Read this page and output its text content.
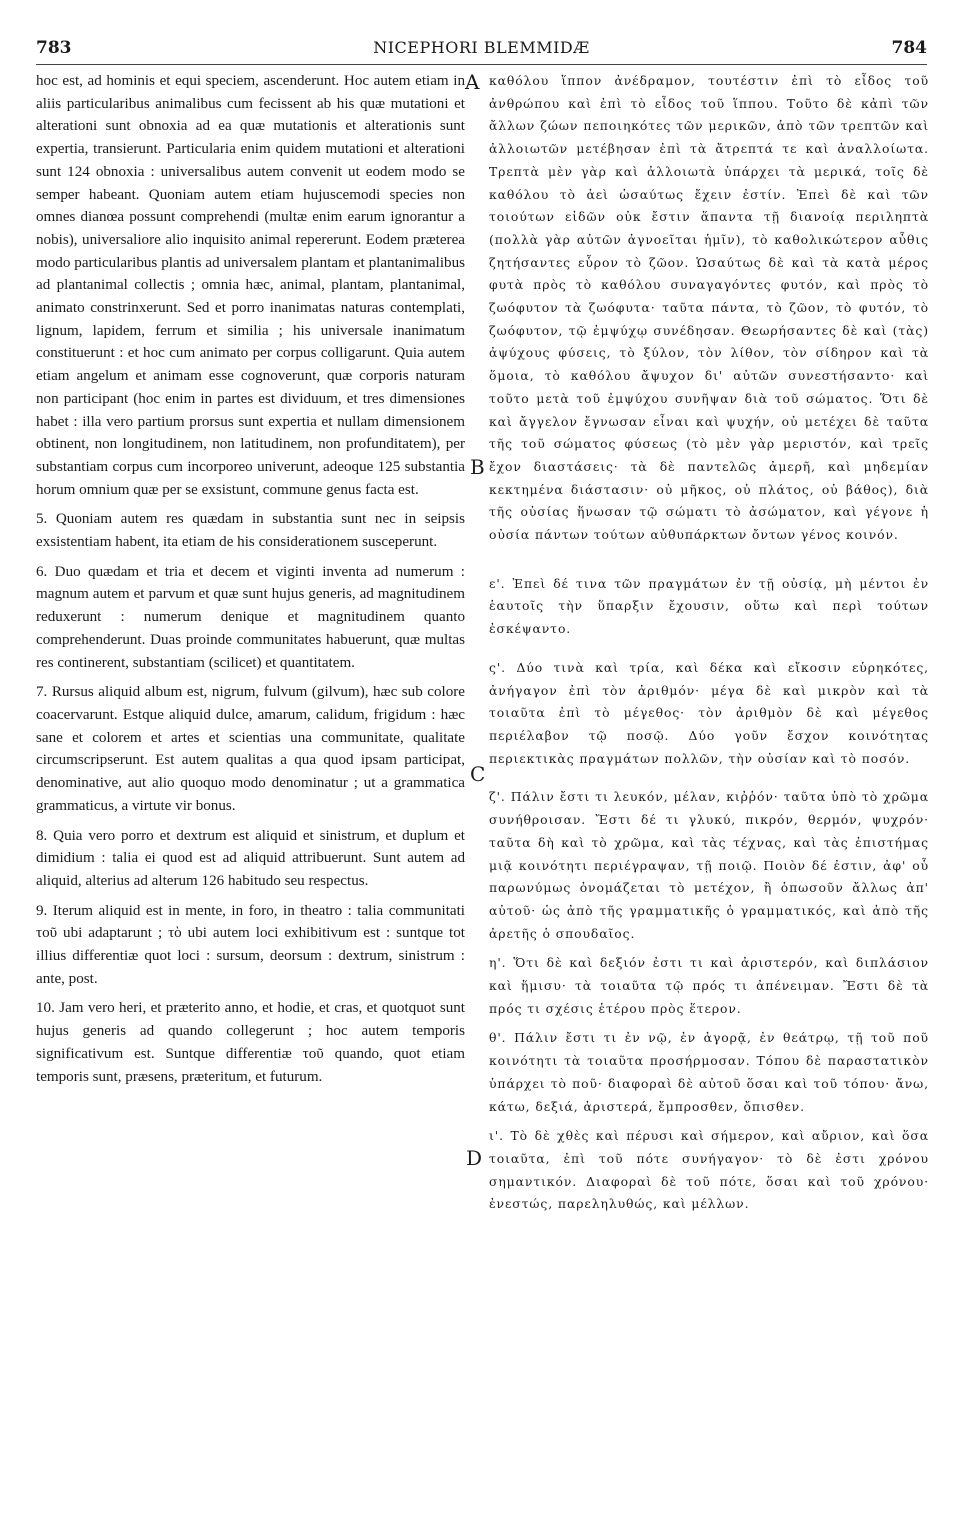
783	NICEPHORI BLEMMIDÆ	784

hoc est, ad hominis et equi speciem, ascenderunt. Hoc autem etiam in aliis particularibus animalibus cum fecissent ab his quæ mutationi et alterationi sunt obnoxia ad ea quæ mutationis et alterationis sunt expertia, transierunt. Particularia enim quidem mutationi et alterationi sunt 124 obnoxia : universalibus autem convenit ut eodem modo se semper habeant. Quoniam autem etiam hujuscemodi species non omnes dianœa possunt comprehendi (multæ enim earum ignorantur a nobis), universaliore alio inquisito animal repererunt. Eodem præterea modo particularibus plantis ad universalem plantam et plantanimalibus ad plantanimal collectis ; omnia hæc, animal, plantam, plantanimal, animato constrinxerunt. Sed et porro inanimatas naturas contemplati, lignum, lapidem, ferrum et similia ; his universale inanimatum constituerunt : et hoc cum animato per corpus colligarunt. Quia autem etiam angelum et animam esse cognoverunt, quæ corporis naturam non participant (hoc enim in partes est dividuum, et tres dimensiones habet : illa vero partium prorsus sunt expertia et nullam dimensionem obtinent, non longitudinem, non latitudinem, non profunditatem), per substantiam corpus cum incorporeo univerunt, adeoque 125 substantia horum omnium quæ per se exsistunt, commune genus facta est.

5. Quoniam autem res quædam in substantia sunt nec in seipsis exsistentiam habent, ita etiam de his considerationem susceperunt.

6. Duo quædam et tria et decem et viginti inventa ad numerum : magnum autem et parvum et quæ sunt hujus generis, ad magnitudinem reduxerunt : numerum denique et magnitudinem quanto comprehenderunt. Duas proinde communitates habuerunt, quæ multas res continerent, substantiam (scilicet) et quantitatem.

7. Rursus aliquid album est, nigrum, fulvum (gilvum), hæc sub colore coacervarunt. Estque aliquid dulce, amarum, calidum, frigidum : hæc sane et colorem et artes et scientias una communitate, qualitate circumscripserunt. Est autem qualitas a qua quod ipsam participat, denominative, aut alio quoquo modo denominatur ; ut a grammatica grammaticus, a virtute vir bonus.

8. Quia vero porro et dextrum est aliquid et sinistrum, et duplum et dimidium : talia ei quod est ad aliquid attribuerunt. Sunt autem ad aliquid, alterius ad alterum 126 habitudo seu respectus.

9. Iterum aliquid est in mente, in foro, in theatro : talia communitati τοῦ ubi adaptarunt ; τὸ ubi autem loci exhibitivum est : suntque tot illius differentiæ quot loci : sursum, deorsum : dextrum, sinistrum : ante, post.

10. Jam vero heri, et præterito anno, et hodie, et cras, et quotquot sunt hujus generis ad quando collegerunt ; hoc autem temporis significativum est. Suntque differentiæ τοῦ quando, quot etiam temporis sunt, præsens, præteritum, et futurum.

A
B
C
D

καθόλου ἵππον ἀνέδραμον, τουτέστιν ἐπὶ τὸ εἶδος τοῦ ἀνθρώπου καὶ ἐπὶ τὸ εἶδος τοῦ ἵππου. Τοῦτο δὲ κἀπὶ τῶν ἄλλων ζώων πεποιηκότες τῶν μερικῶν, ἀπὸ τῶν τρεπτῶν καὶ ἀλλοιωτῶν μετέβησαν ἐπὶ τὰ ἄτρεπτά τε καὶ ἀναλλοίωτα. Τρεπτὰ μὲν γὰρ καὶ ἀλλοιωτὰ ὑπάρχει τὰ μερικά, τοῖς δὲ καθόλου τὸ ἀεὶ ὡσαύτως ἔχειν ἐστίν. Ἐπεὶ δὲ καὶ τῶν τοιούτων εἰδῶν οὐκ ἔστιν ἅπαντα τῇ διανοίᾳ περιληπτὰ (πολλὰ γὰρ αὐτῶν ἀγνοεῖται ἡμῖν), τὸ καθολικώτερον αὖθις ζητήσαντες εὗρον τὸ ζῶον. Ὡσαύτως δὲ καὶ τὰ κατὰ μέρος φυτὰ πρὸς τὸ καθόλου συναγαγόντες φυτόν, καὶ πρὸς τὸ ζωόφυτον τὰ ζωόφυτα· ταῦτα πάντα, τὸ ζῶον, τὸ φυτόν, τὸ ζωόφυτον, τῷ ἐμψύχῳ συνέδησαν. Θεωρήσαντες δὲ καὶ (τὰς) ἀψύχους φύσεις, τὸ ξύλον, τὸν λίθον, τὸν σίδηρον καὶ τὰ ὅμοια, τὸ καθόλου ἄψυχον δι' αὐτῶν συνεστήσαντο· καὶ τοῦτο μετὰ τοῦ ἐμψύχου συνῆψαν διὰ τοῦ σώματος. Ὅτι δὲ καὶ ἄγγελον ἔγνωσαν εἶναι καὶ ψυχήν, οὐ μετέχει δὲ ταῦτα τῆς τοῦ σώματος φύσεως (τὸ μὲν γὰρ μεριστόν, καὶ τρεῖς ἔχον διαστάσεις· τὰ δὲ παντελῶς ἀμερῆ, καὶ μηδεμίαν κεκτημένα διάστασιν· οὐ μῆκος, οὐ πλάτος, οὐ βάθος), διὰ τῆς οὐσίας ἥνωσαν τῷ σώματι τὸ ἀσώματον, καὶ γέγονε ἡ οὐσία πάντων τούτων αὐθυπάρκτων ὄντων γένος κοινόν.

ε'. Ἐπεὶ δέ τινα τῶν πραγμάτων ἐν τῇ οὐσίᾳ, μὴ μέντοι ἐν ἑαυτοῖς τὴν ὕπαρξιν ἔχουσιν, οὕτω καὶ περὶ τούτων ἐσκέψαντο.

ς'. Δύο τινὰ καὶ τρία, καὶ δέκα καὶ εἴκοσιν εὑρηκότες, ἀνήγαγον ἐπὶ τὸν ἀριθμόν· μέγα δὲ καὶ μικρὸν καὶ τὰ τοιαῦτα ἐπὶ τὸ μέγεθος· τὸν ἀριθμὸν δὲ καὶ μέγεθος περιέλαβον τῷ ποσῷ. Δύο γοῦν ἔσχον κοινότητας περιεκτικὰς πραγμάτων πολλῶν, τὴν οὐσίαν καὶ τὸ ποσόν.

ζ'. Πάλιν ἔστι τι λευκόν, μέλαν, κιῤῥόν· ταῦτα ὑπὸ τὸ χρῶμα συνήθροισαν. Ἔστι δέ τι γλυκύ, πικρόν, θερμόν, ψυχρόν· ταῦτα δὴ καὶ τὸ χρῶμα, καὶ τὰς τέχνας, καὶ τὰς ἐπιστήμας μιᾷ κοινότητι περιέγραψαν, τῇ ποιῷ. Ποιὸν δέ ἐστιν, ἀφ' οὗ παρωνύμως ὀνομάζεται τὸ μετέχον, ἢ ὁπωσοῦν ἄλλως ἀπ' αὐτοῦ· ὡς ἀπὸ τῆς γραμματικῆς ὁ γραμματικός, καὶ ἀπὸ τῆς ἀρετῆς ὁ σπουδαῖος.

η'. Ὅτι δὲ καὶ δεξιόν ἐστι τι καὶ ἀριστερόν, καὶ διπλάσιον καὶ ἥμισυ· τὰ τοιαῦτα τῷ πρός τι ἀπένειμαν. Ἔστι δὲ τὰ πρός τι σχέσις ἑτέρου πρὸς ἕτερον.

θ'. Πάλιν ἔστι τι ἐν νῷ, ἐν ἀγορᾷ, ἐν θεάτρῳ, τῇ τοῦ ποῦ κοινότητι τὰ τοιαῦτα προσήρμοσαν. Τόπου δὲ παραστατικὸν ὑπάρχει τὸ ποῦ· διαφοραὶ δὲ αὐτοῦ ὅσαι καὶ τοῦ τόπου· ἄνω, κάτω, δεξιά, ἀριστερά, ἔμπροσθεν, ὄπισθεν.

ι'. Τὸ δὲ χθὲς καὶ πέρυσι καὶ σήμερον, καὶ αὔριον, καὶ ὅσα τοιαῦτα, ἐπὶ τοῦ πότε συνήγαγον· τὸ δὲ ἐστι χρόνου σημαντικόν. Διαφοραὶ δὲ τοῦ πότε, ὅσαι καὶ τοῦ χρόνου· ἐνεστώς, παρεληλυθώς, καὶ μέλλων.
